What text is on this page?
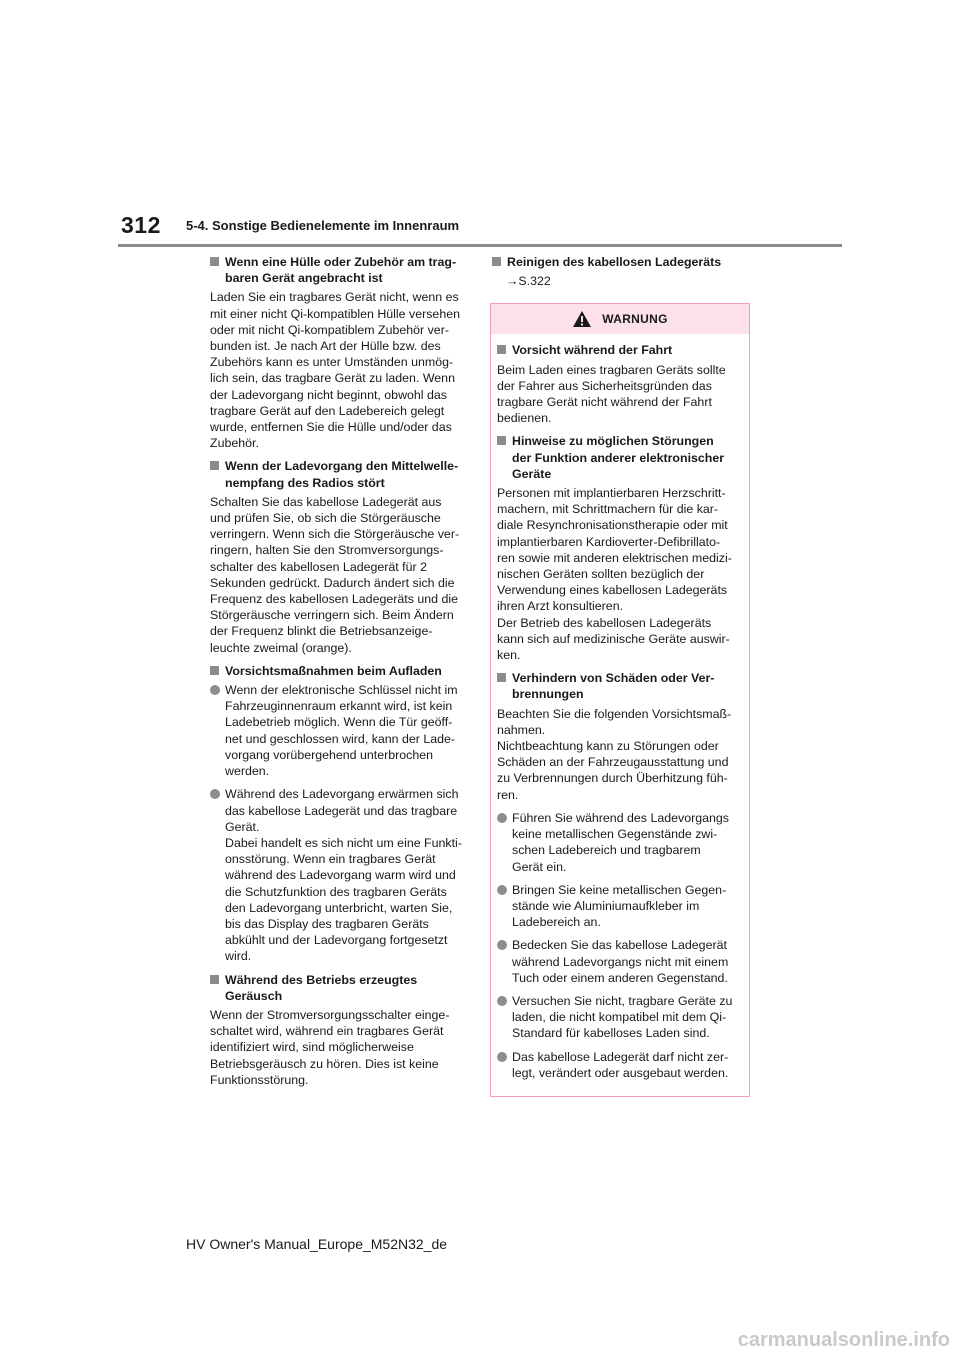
312 5-4. Sonstige Bedienelemente im Innenraum
Wenn eine Hülle oder Zubehör am trag-
baren Gerät angebracht ist
Laden Sie ein tragbares Gerät nicht, wenn es
mit einer nicht Qi-kompatiblen Hülle versehen
oder mit nicht Qi-kompatiblem Zubehör ver-
bunden ist. Je nach Art der Hülle bzw. des
Zubehörs kann es unter Umständen unmög-
lich sein, das tragbare Gerät zu laden. Wenn
der Ladevorgang nicht beginnt, obwohl das
tragbare Gerät auf den Ladebereich gelegt
wurde, entfernen Sie die Hülle und/oder das
Zubehör.
Wenn der Ladevorgang den Mittelwelle-
nempfang des Radios stört
Schalten Sie das kabellose Ladegerät aus
und prüfen Sie, ob sich die Störgeräusche
verringern. Wenn sich die Störgeräusche ver-
ringern, halten Sie den Stromversorgungs-
schalter des kabellosen Ladegerät für 2
Sekunden gedrückt. Dadurch ändert sich die
Frequenz des kabellosen Ladegeräts und die
Störgeräusche verringern sich. Beim Ändern
der Frequenz blinkt die Betriebsanzeige-
leuchte zweimal (orange).
Vorsichtsmaßnahmen beim Aufladen
Wenn der elektronische Schlüssel nicht im
Fahrzeuginnenraum erkannt wird, ist kein
Ladebetrieb möglich. Wenn die Tür geöff-
net und geschlossen wird, kann der Lade-
vorgang vorübergehend unterbrochen
werden.
Während des Ladevorgang erwärmen sich
das kabellose Ladegerät und das tragbare
Gerät.
Dabei handelt es sich nicht um eine Funkti-
onsstörung. Wenn ein tragbares Gerät
während des Ladevorgang warm wird und
die Schutzfunktion des tragbaren Geräts
den Ladevorgang unterbricht, warten Sie,
bis das Display des tragbaren Geräts
abkühlt und der Ladevorgang fortgesetzt
wird.
Während des Betriebs erzeugtes
Geräusch
Wenn der Stromversorgungsschalter einge-
schaltet wird, während ein tragbares Gerät
identifiziert wird, sind möglicherweise
Betriebsgeräusch zu hören. Dies ist keine
Funktionsstörung.
Reinigen des kabellosen Ladegeräts
→S.322
WARNUNG
Vorsicht während der Fahrt
Beim Laden eines tragbaren Geräts sollte
der Fahrer aus Sicherheitsgründen das
tragbare Gerät nicht während der Fahrt
bedienen.
Hinweise zu möglichen Störungen
der Funktion anderer elektronischer
Geräte
Personen mit implantierbaren Herzschritt-
machern, mit Schrittmachern für die kar-
diale Resynchronisationstherapie oder mit
implantierbaren Kardioverter-Defibrillato-
ren sowie mit anderen elektrischen medizi-
nischen Geräten sollten bezüglich der
Verwendung eines kabellosen Ladegeräts
ihren Arzt konsultieren.
Der Betrieb des kabellosen Ladegeräts
kann sich auf medizinische Geräte auswir-
ken.
Verhindern von Schäden oder Ver-
brennungen
Beachten Sie die folgenden Vorsichtsmaß-
nahmen.
Nichtbeachtung kann zu Störungen oder
Schäden an der Fahrzeugausstattung und
zu Verbrennungen durch Überhitzung füh-
ren.
Führen Sie während des Ladevorgangs
keine metallischen Gegenstände zwi-
schen Ladebereich und tragbarem
Gerät ein.
Bringen Sie keine metallischen Gegen-
stände wie Aluminiumaufkleber im
Ladebereich an.
Bedecken Sie das kabellose Ladegerät
während Ladevorgangs nicht mit einem
Tuch oder einem anderen Gegenstand.
Versuchen Sie nicht, tragbare Geräte zu
laden, die nicht kompatibel mit dem Qi-
Standard für kabelloses Laden sind.
Das kabellose Ladegerät darf nicht zer-
legt, verändert oder ausgebaut werden.
HV Owner's Manual_Europe_M52N32_de
carmanualsonline.info
